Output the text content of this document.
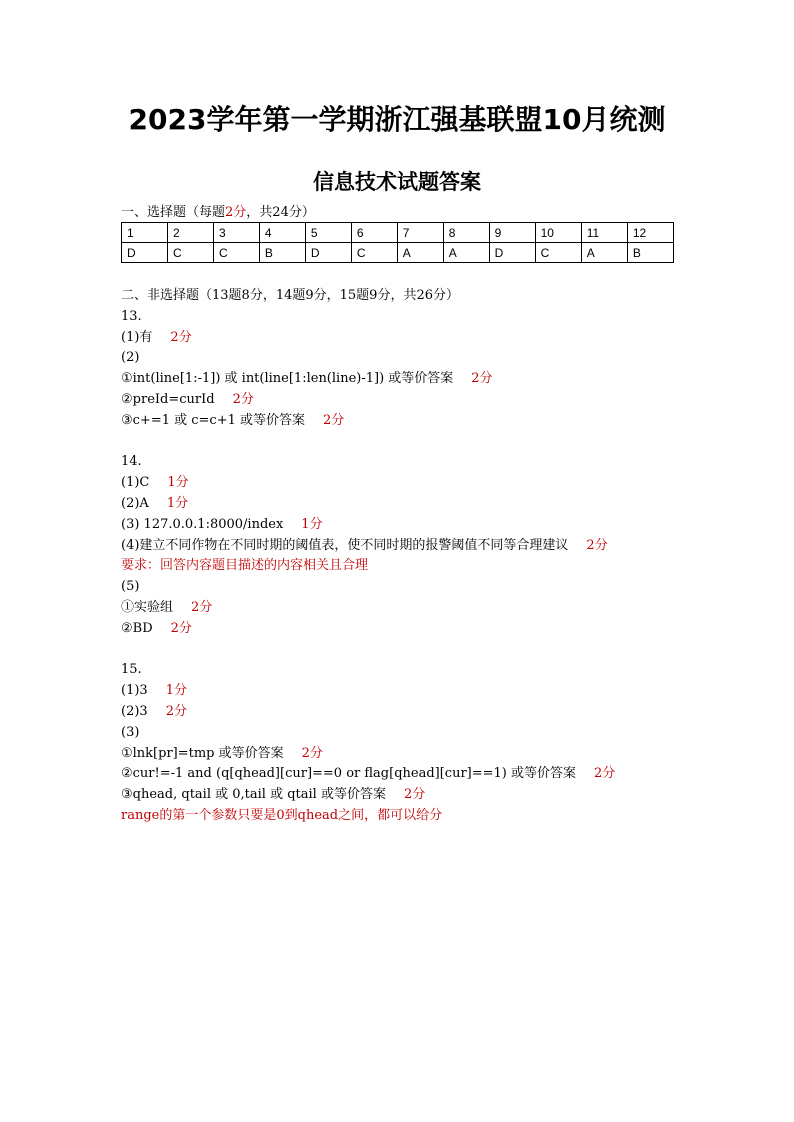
2023学年第一学期浙江强基联盟10月统测
信息技术试题答案
一、选择题（每题2分，共24分）
1	2	3	4	5	6	7	8	9	10	11	12
D	C	C	B	D	C	A	A	D	C	A	B
二、非选择题（13题8分，14题9分，15题9分，共26分）
13.
(1)有 2分
(2)
①int(line[1:-1]) 或 int(line[1:len(line)-1]) 或等价答案 2分
②preId=curId 2分
③c+=1 或 c=c+1 或等价答案 2分
14.
(1)C 1分
(2)A 1分
(3) 127.0.0.1:8000/index 1分
(4)建立不同作物在不同时期的阈值表，使不同时期的报警阈值不同等合理建议 2分
要求：回答内容题目描述的内容相关且合理
(5)
①实验组 2分
②BD 2分
15.
(1)3 1分
(2)3 2分
(3)
①lnk[pr]=tmp 或等价答案 2分
②cur!=-1 and (q[qhead][cur]==0 or flag[qhead][cur]==1) 或等价答案 2分
③qhead, qtail 或 0,tail 或 qtail 或等价答案 2分
range的第一个参数只要是0到qhead之间，都可以给分
